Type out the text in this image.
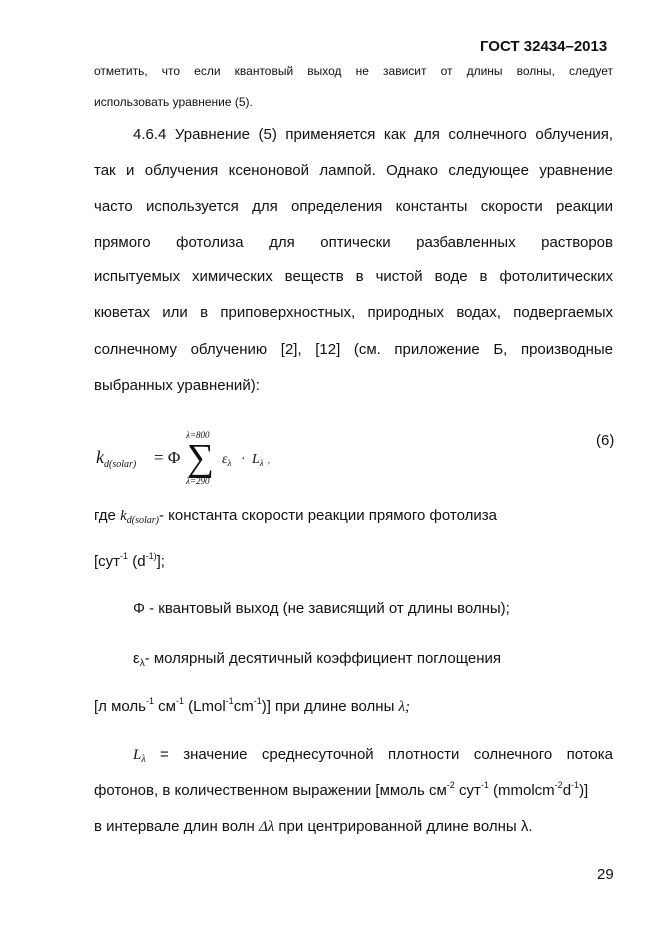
ГОСТ 32434–2013
отметить, что если квантовый выход не зависит от длины волны, следует
использовать уравнение (5).
4.6.4 Уравнение (5) применяется как для солнечного облучения,
так и облучения ксеноновой лампой. Однако следующее уравнение
часто используется для определения константы скорости реакции
прямого фотолиза для оптически разбавленных растворов
испытуемых химических веществ в чистой воде в фотолитических
кюветах или в приповерхностных, природных водах, подвергаемых
солнечному облучению [2], [12] (см. приложение Б, производные
выбранных уравнений):
$k_{d(solar)} = \Phi$
λ=800
∑
λ=290
$\varepsilon_\lambda \cdot L_\lambda$ ,
(6)
где $k_{d(solar)}-$ константа скорости реакции прямого фотолиза
[сут$^{-1}$ $(d^{-1)}]$;
Φ - квантовый выход (не зависящий от длины волны);
$\varepsilon_\lambda-$ молярный десятичный коэффициент поглощения
[л моль$^{-1}$ $см^{-1}$ $(Lmol^{-1}cm^{-1})$] при длине волны λ;
$L_\lambda$ = значение среднесуточной плотности солнечного потока
фотонов, в количественном выражении [ммоль $см^{-2}$ сут$^{-1}$ $(mmolcm^{-2}d^{-1})$]
в интервале длин волн Δλ при центрированной длине волны λ.
29
